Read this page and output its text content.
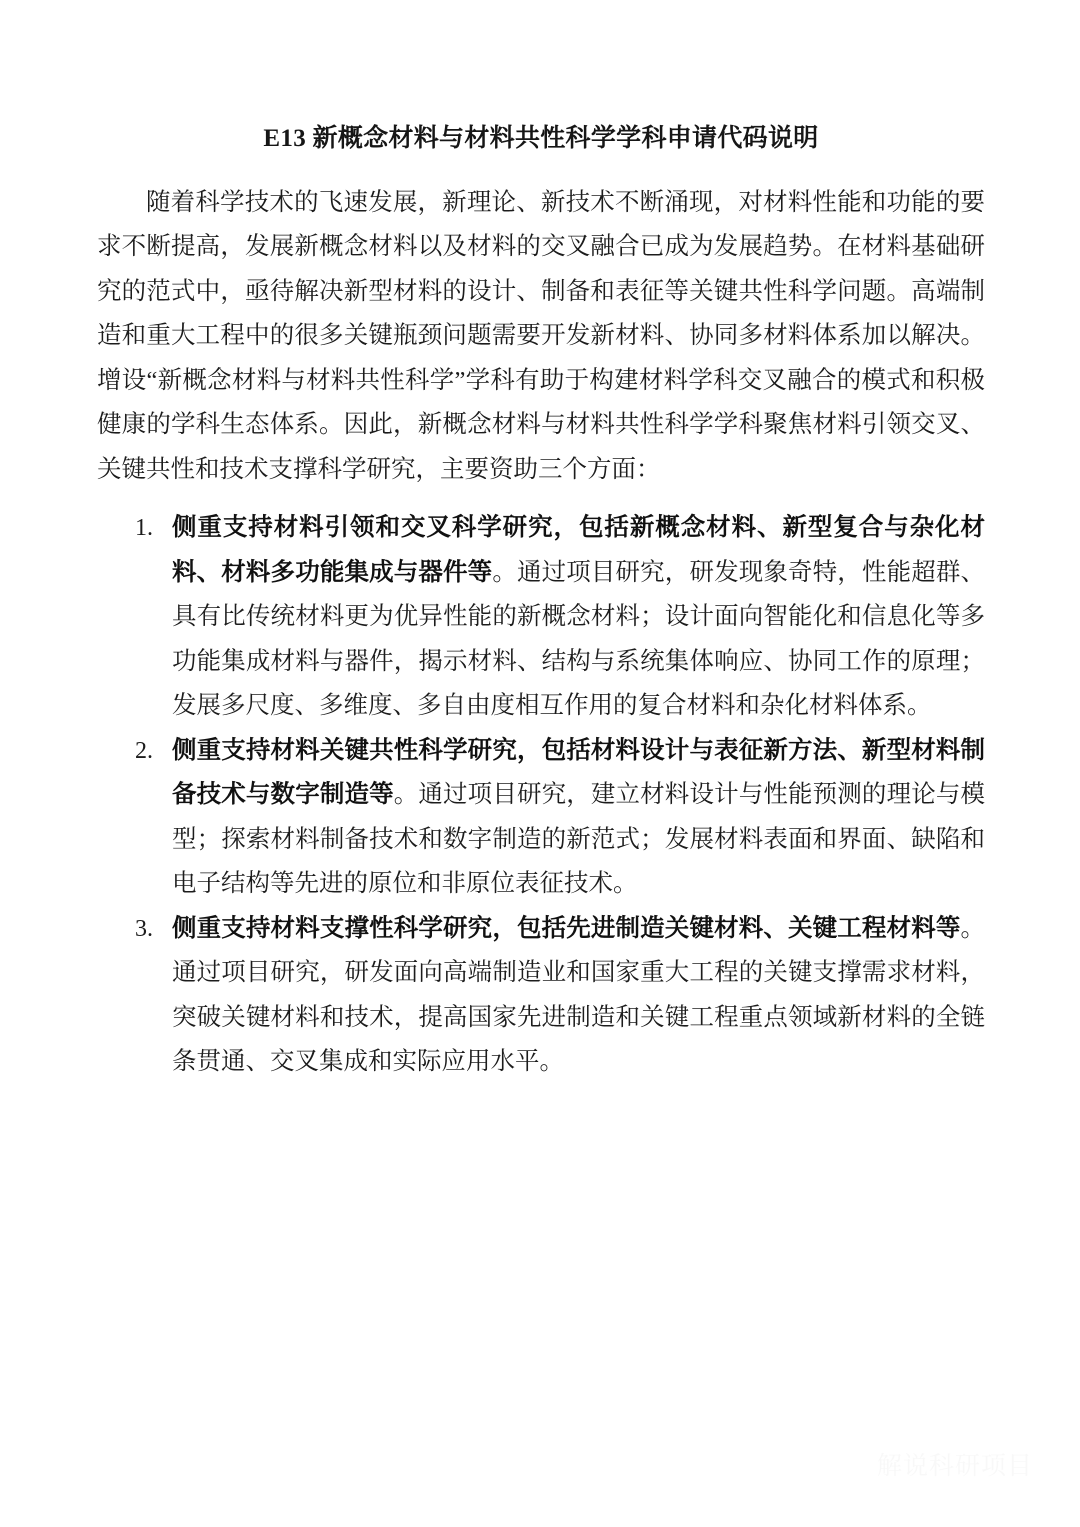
E13 新概念材料与材料共性科学学科申请代码说明

随着科学技术的飞速发展，新理论、新技术不断涌现，对材料性能和功能的要求不断提高，发展新概念材料以及材料的交叉融合已成为发展趋势。在材料基础研究的范式中，亟待解决新型材料的设计、制备和表征等关键共性科学问题。高端制造和重大工程中的很多关键瓶颈问题需要开发新材料、协同多材料体系加以解决。增设“新概念材料与材料共性科学”学科有助于构建材料学科交叉融合的模式和积极健康的学科生态体系。因此，新概念材料与材料共性科学学科聚焦材料引领交叉、关键共性和技术支撑科学研究，主要资助三个方面：

1. 侧重支持材料引领和交叉科学研究，包括新概念材料、新型复合与杂化材料、材料多功能集成与器件等。通过项目研究，研发现象奇特，性能超群、具有比传统材料更为优异性能的新概念材料；设计面向智能化和信息化等多功能集成材料与器件，揭示材料、结构与系统集体响应、协同工作的原理；发展多尺度、多维度、多自由度相互作用的复合材料和杂化材料体系。
2. 侧重支持材料关键共性科学研究，包括材料设计与表征新方法、新型材料制备技术与数字制造等。通过项目研究，建立材料设计与性能预测的理论与模型；探索材料制备技术和数字制造的新范式；发展材料表面和界面、缺陷和电子结构等先进的原位和非原位表征技术。
3. 侧重支持材料支撑性科学研究，包括先进制造关键材料、关键工程材料等。通过项目研究，研发面向高端制造业和国家重大工程的关键支撑需求材料，突破关键材料和技术，提高国家先进制造和关键工程重点领域新材料的全链条贯通、交叉集成和实际应用水平。
解说科研项目
